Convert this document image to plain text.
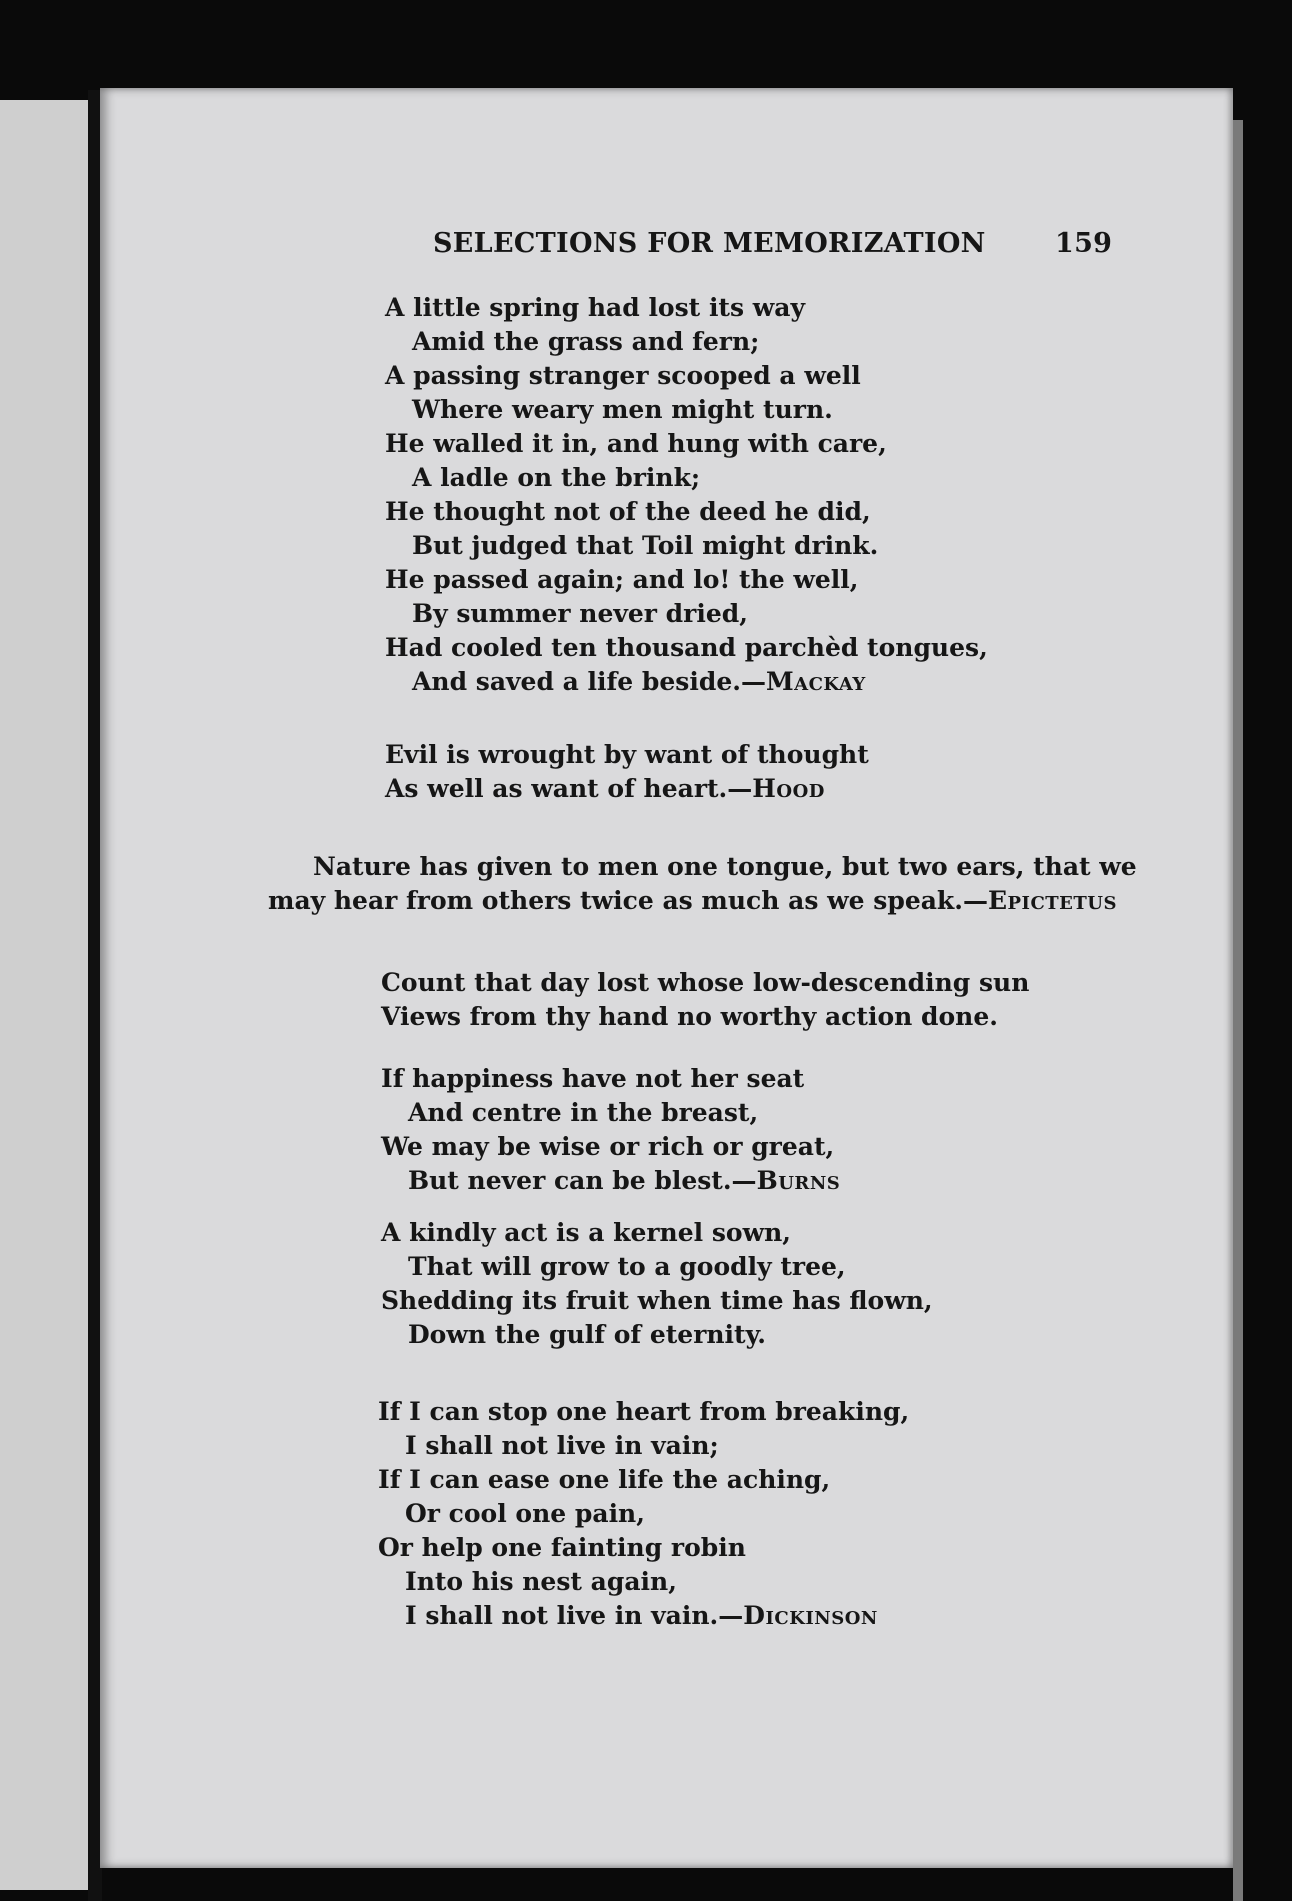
SELECTIONS FOR MEMORIZATION	159
A little spring had lost its way
Amid the grass and fern;
A passing stranger scooped a well
Where weary men might turn.
He walled it in, and hung with care,
A ladle on the brink;
He thought not of the deed he did,
But judged that Toil might drink.
He passed again; and lo! the well,
By summer never dried,
Had cooled ten thousand parchèd tongues,
And saved a life beside.—Mackay
Evil is wrought by want of thought
As well as want of heart.—Hood
Nature has given to men one tongue, but two ears, that we
may hear from others twice as much as we speak.—Epictetus
Count that day lost whose low-descending sun
Views from thy hand no worthy action done.
If happiness have not her seat
And centre in the breast,
We may be wise or rich or great,
But never can be blest.—Burns
A kindly act is a kernel sown,
That will grow to a goodly tree,
Shedding its fruit when time has flown,
Down the gulf of eternity.
If I can stop one heart from breaking,
I shall not live in vain;
If I can ease one life the aching,
Or cool one pain,
Or help one fainting robin
Into his nest again,
I shall not live in vain.—Dickinson
